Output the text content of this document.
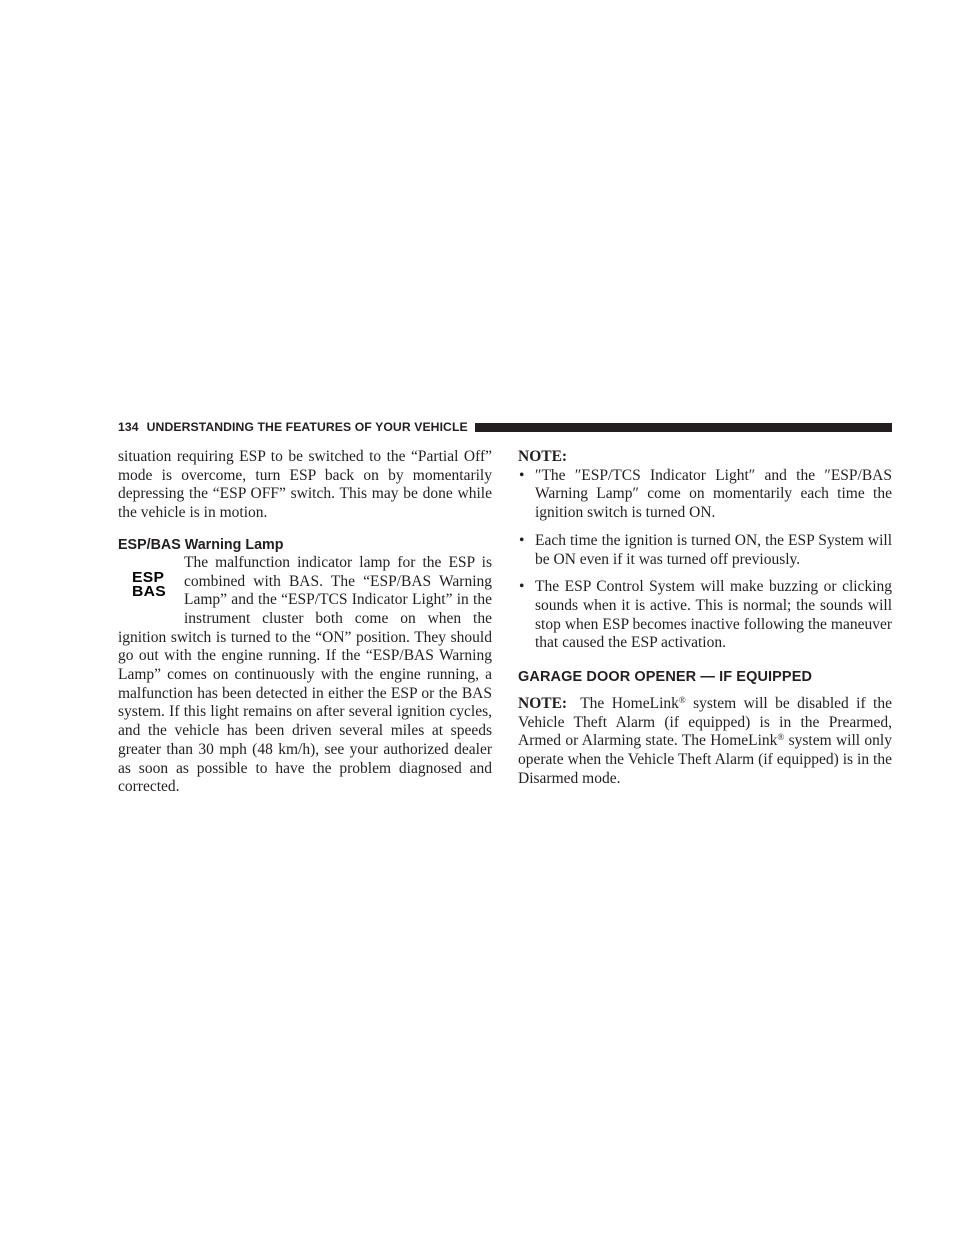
134 UNDERSTANDING THE FEATURES OF YOUR VEHICLE

situation requiring ESP to be switched to the “Partial Off” mode is overcome, turn ESP back on by momentarily depressing the “ESP OFF” switch. This may be done while the vehicle is in motion.

ESP/BAS Warning Lamp
ESP
BAS

The malfunction indicator lamp for the ESP is combined with BAS. The “ESP/BAS Warning Lamp” and the “ESP/TCS Indicator Light” in the instrument cluster both come on when the ignition switch is turned to the “ON” position. They should go out with the engine running. If the “ESP/BAS Warning Lamp” comes on continuously with the engine running, a malfunction has been detected in either the ESP or the BAS system. If this light remains on after several ignition cycles, and the vehicle has been driven several miles at speeds greater than 30 mph (48 km/h), see your authorized dealer as soon as possible to have the problem diagnosed and corrected.

NOTE:
• ″The ″ESP/TCS Indicator Light″ and the ″ESP/BAS Warning Lamp″ come on momentarily each time the ignition switch is turned ON.
• Each time the ignition is turned ON, the ESP System will be ON even if it was turned off previously.
• The ESP Control System will make buzzing or clicking sounds when it is active. This is normal; the sounds will stop when ESP becomes inactive following the maneuver that caused the ESP activation.
GARAGE DOOR OPENER — IF EQUIPPED

NOTE: The HomeLink® system will be disabled if the Vehicle Theft Alarm (if equipped) is in the Prearmed, Armed or Alarming state. The HomeLink® system will only operate when the Vehicle Theft Alarm (if equipped) is in the Disarmed mode.
